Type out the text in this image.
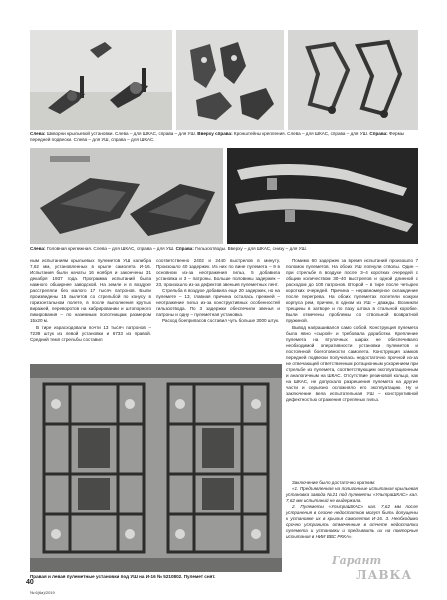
Слева: Шкворни крыльевой установки. Слева – для ШКАС, справа – для УШ. Вверху справа: Кронштейны крепления. Слева – для ШКАС, справа – для УШ. Справа: Фермы передней подвески. Слева – для УШ, справа – для ШКАС.
Слева: Головная крепежная. Слева – для ШКАС, справа – для УШ. Справа: Гильзоотводы. Вверху – для ШКАС, снизу – для УШ.

ным испытаниям крыльевых пулеметов УШ калибра 7,62 мм, установленных в крыле самолета И-16. Испытания были начаты 16 ноября и закончены 31 декабря 1937 года. Программа испытаний была намного обширнее заводской. На земле и в воздухе расстреляли без малого 17 тысяч патронов. Были произведены 15 вылетов со стрельбой по конусу в горизонтальном полете, в после выполнения крутых виражей, переворотов на кабрировании и штопорного пикирования – по наземным полотнищам размером 15х20 м.

В тире израсходовали почти 13 тысяч патронов – 7239 штук из левой установки и 6733 из правой. Средний темп стрельбы составил

соответственно 2402 и 2440 выстрелов в минуту. Произошло 40 задержек. Из них по вине пулемета – 9 в основном из-за неотражения гильз, 5 добавила установка и 3 – патроны. Больше половины задержек – 23, произошло из-за дефектов звеньев пулеметных лент.

Стрельба в воздухе добавила еще 20 задержек, но на пулемете – 13, главная причина осталась прежней – неотражение гильз из-за конструктивных особенностей гильзоотвода. По 3 задержки обеспечили звенья и патроны и одну – пулеметная установка.

Расход боеприпасов составил чуть больше 3000 штук.

Помимо 60 задержек за время испытаний произошло 7 поломок пулеметов. На обоих УШ лопнули стволы. Один – при стрельбе в воздухе после 3–4 коротких очередей с общим количеством 30–40 выстрелов и одной длинной с расходом до 100 патронов. Второй – в тире после четырех коротких очередей. Причина – неравномерное охлаждение после перегрева. На обоих пулеметах полетели кожухи корпуса рем, причем, в одном из УШ – дважды. Возникли трещины в затворе и по пазу штока в стальной коробке. Были отмечены проблемы со ствольной возвратной пружиной.

Вывод напрашивался само собой. Конструкция пулемета была явно «сырой» и требовала доработки. Крепление пулемета на втулочных шарах не обеспечивало необходимой оперативности установки пулеметов и постоянной боеготовности самолета. Конструкция замков передней подвески получилась недостаточно прочной из-за не отвечающей ответственным ротационным ускорением при стрельбе из пулемета, соответствующим эксплуатационным и аналогичным на ШКАС. Отсутствие резиновой кольцо, как на ШКАС, не допускало разрешения пулемета на другие части и серьезно осложняло его эксплуатацию. Ну и заключение вела испытательная УШ – конструктивной дефектностью отражения стреляных гильз.

Правая и левая пулеметные установки под УШ на И-16 № 5210802. Пулемет снят.

Заключение было достаточно кратким:

«1. Предъявленная на полигонные испытания крыльевая установка завода №21 под пулеметы «УльтраШКАС» кал. 7,62 мм испытаний не выдержала.

2. Пулеметы «УльтраШКАС» кал. 7,62 мм после устранения в сезоне недостатков могут быть допущены к установке их в крылья самолетов И-16. 3. Необходимо срочно устранить отмеченные в отчете недостатки пулемета и установки и предъявить их на повторные испытания в НИИ ВВС РККА».

Гарант
ЛАВКА
40
№ 6(6a)/2019
